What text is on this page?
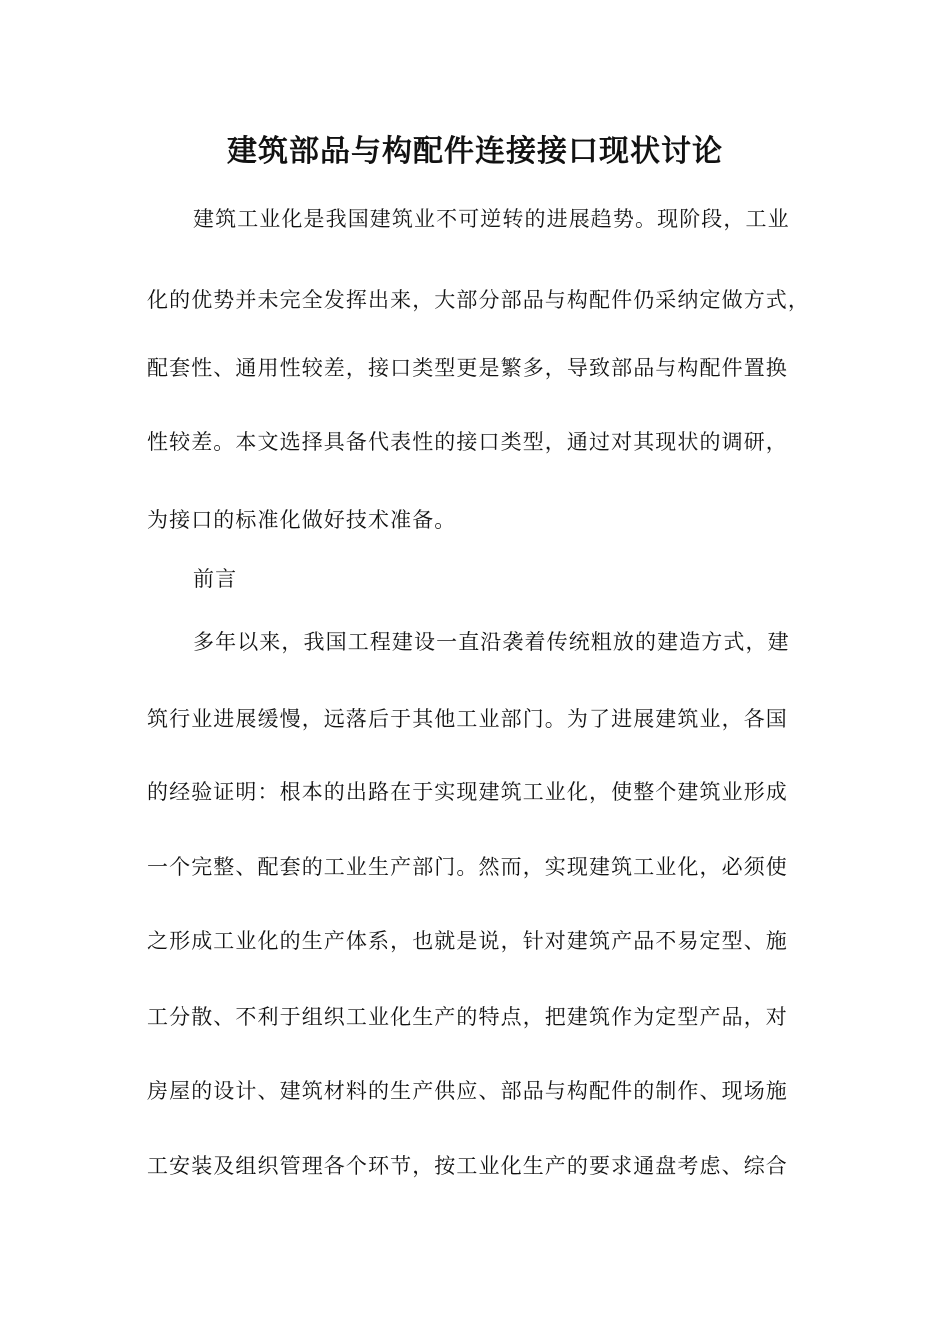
建筑部品与构配件连接接口现状讨论

建筑工业化是我国建筑业不可逆转的进展趋势。现阶段，工业

化的优势并未完全发挥出来，大部分部品与构配件仍采纳定做方式，

配套性、通用性较差，接口类型更是繁多，导致部品与构配件置换

性较差。本文选择具备代表性的接口类型，通过对其现状的调研，

为接口的标准化做好技术准备。

前言

多年以来，我国工程建设一直沿袭着传统粗放的建造方式，建

筑行业进展缓慢，远落后于其他工业部门。为了进展建筑业，各国

的经验证明：根本的出路在于实现建筑工业化，使整个建筑业形成

一个完整、配套的工业生产部门。然而，实现建筑工业化，必须使

之形成工业化的生产体系，也就是说，针对建筑产品不易定型、施

工分散、不利于组织工业化生产的特点，把建筑作为定型产品，对

房屋的设计、建筑材料的生产供应、部品与构配件的制作、现场施

工安装及组织管理各个环节，按工业化生产的要求通盘考虑、综合
